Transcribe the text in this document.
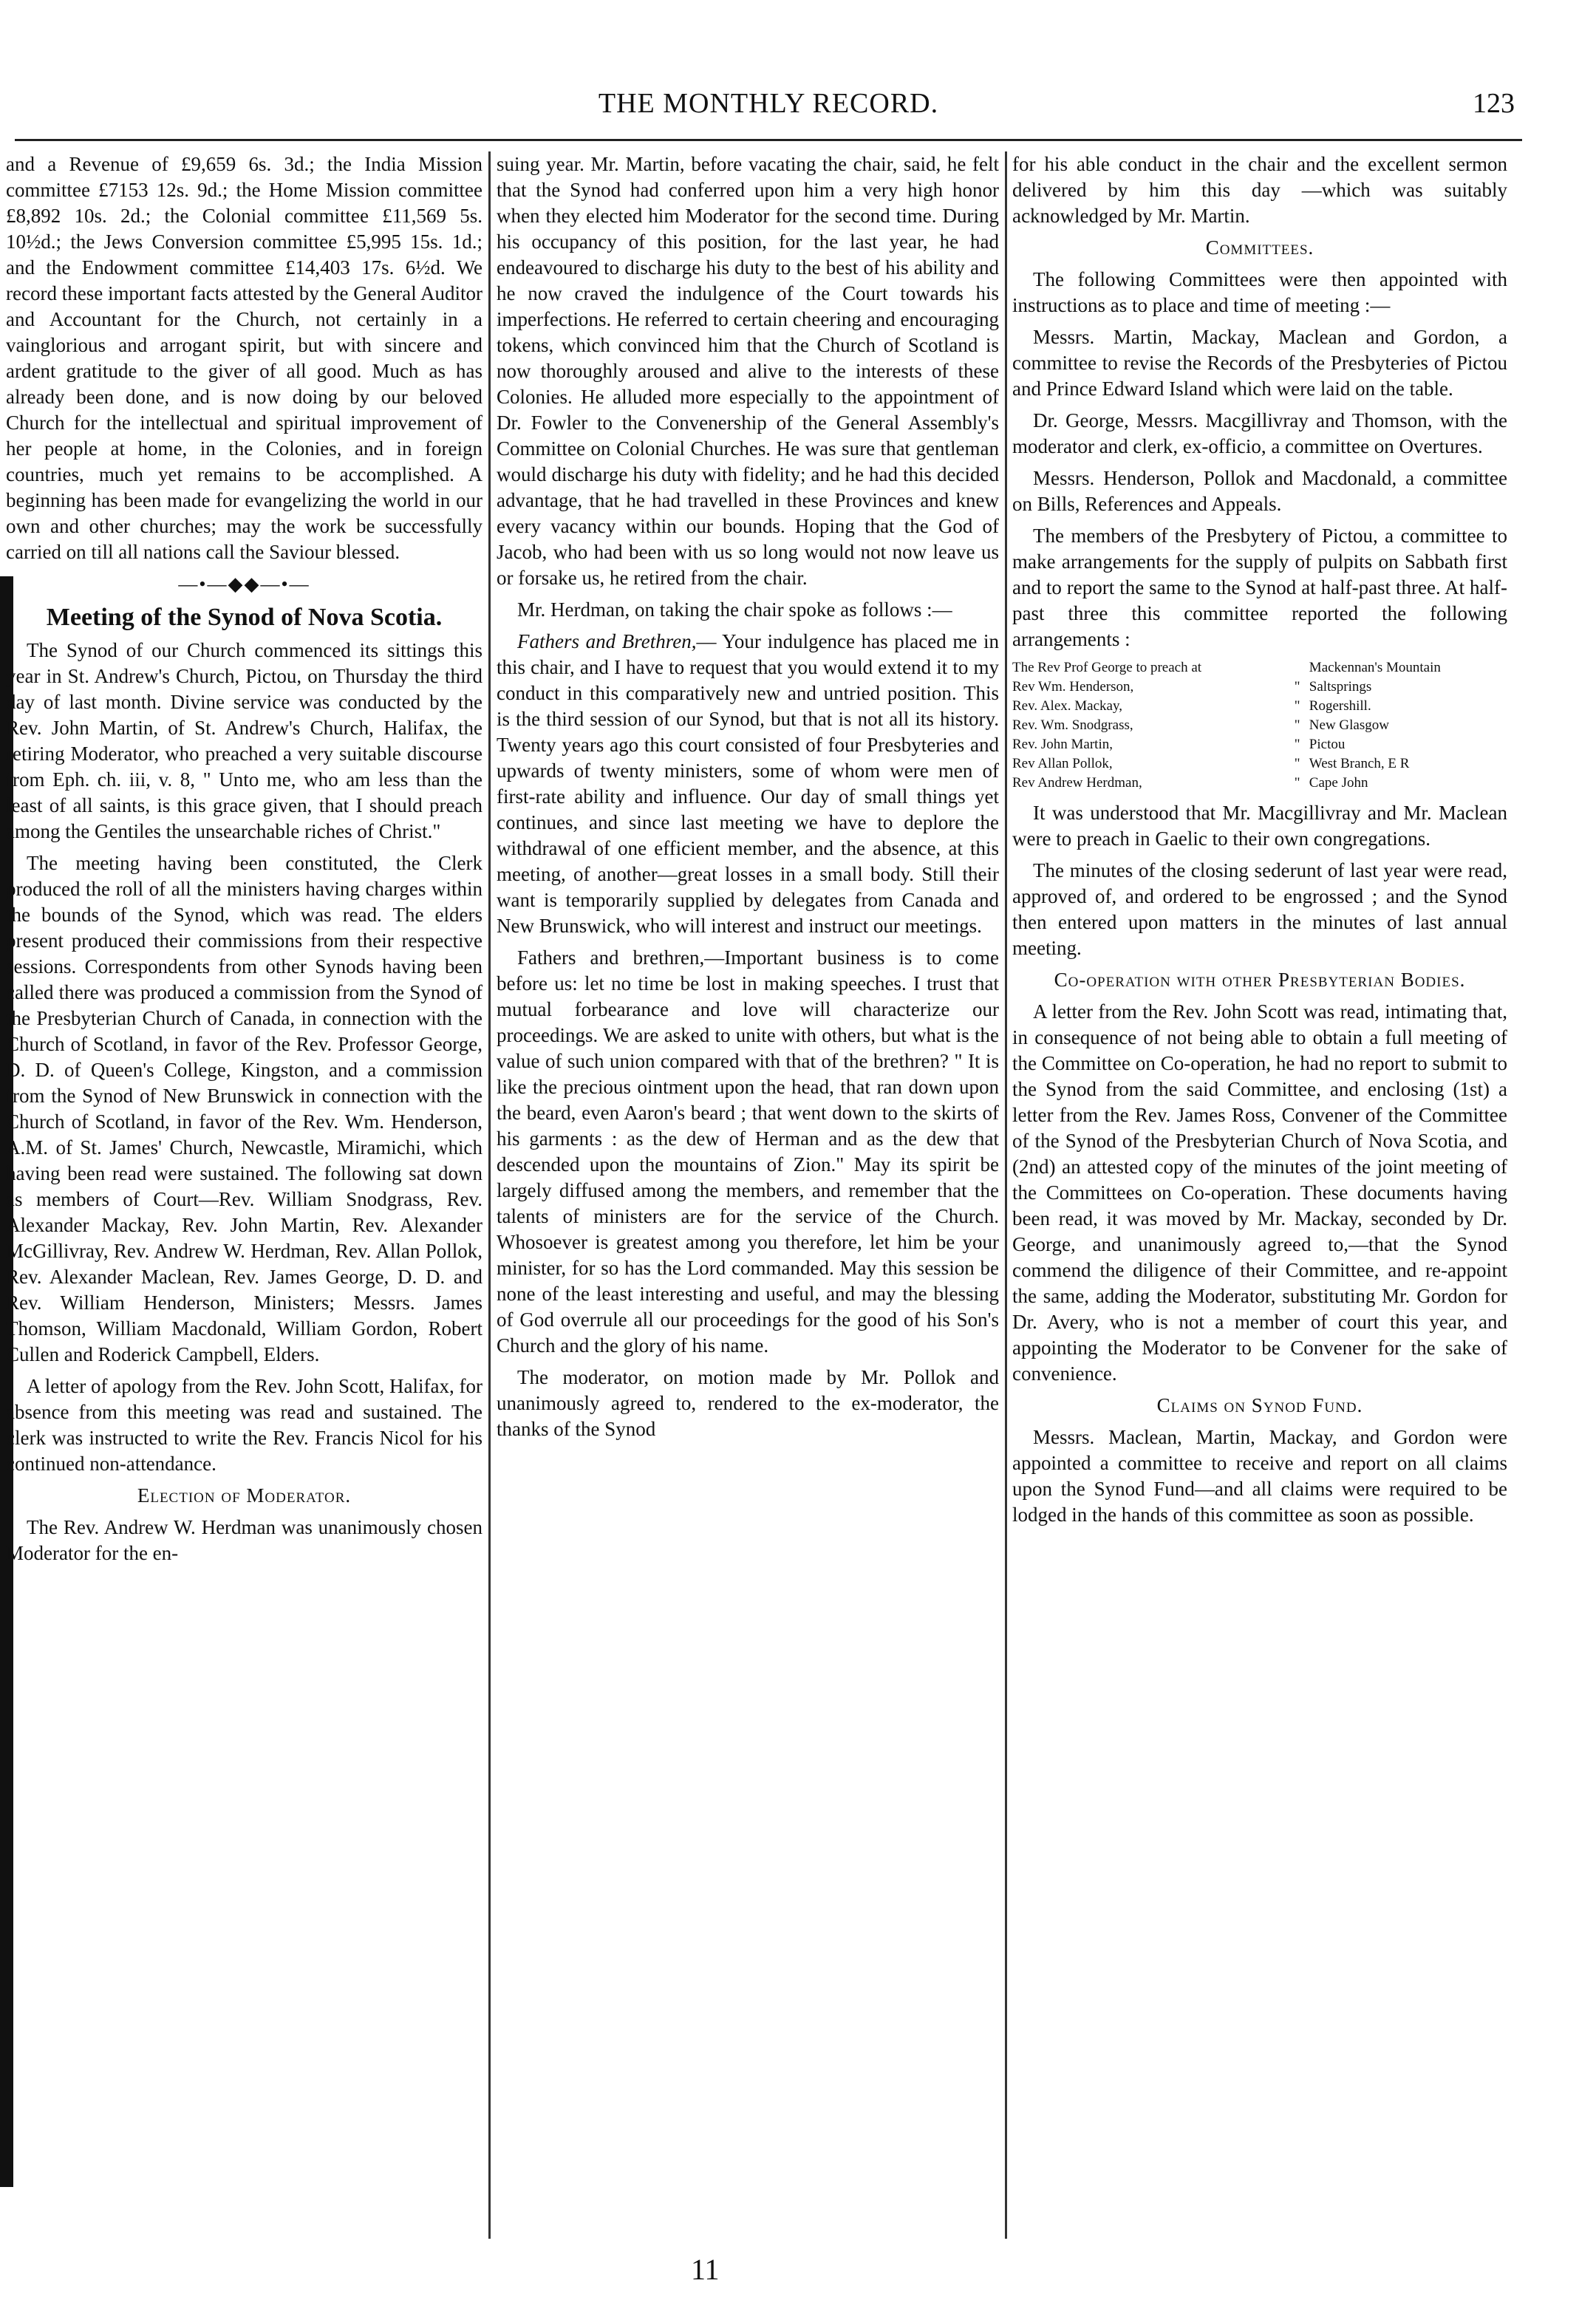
THE MONTHLY RECORD.	123

and a Revenue of £9,659 6s. 3d.; the India Mission committee £7153 12s. 9d.; the Home Mission committee £8,892 10s. 2d.; the Colonial committee £11,569 5s. 10½d.; the Jews Conversion committee £5,995 15s. 1d.; and the Endowment committee £14,403 17s. 6½d. We record these important facts attested by the General Auditor and Accountant for the Church, not certainly in a vainglorious and arrogant spirit, but with sincere and ardent gratitude to the giver of all good. Much as has already been done, and is now doing by our beloved Church for the intellectual and spiritual improvement of her people at home, in the Colonies, and in foreign countries, much yet remains to be accomplished. A beginning has been made for evangelizing the world in our own and other churches; may the work be successfully carried on till all nations call the Saviour blessed.

—•—◆◆—•—
Meeting of the Synod of Nova Scotia.

The Synod of our Church commenced its sittings this year in St. Andrew's Church, Pictou, on Thursday the third day of last month. Divine service was conducted by the Rev. John Martin, of St. Andrew's Church, Halifax, the retiring Moderator, who preached a very suitable discourse from Eph. ch. iii, v. 8, " Unto me, who am less than the least of all saints, is this grace given, that I should preach among the Gentiles the unsearchable riches of Christ."

The meeting having been constituted, the Clerk produced the roll of all the ministers having charges within the bounds of the Synod, which was read. The elders present produced their commissions from their respective sessions. Correspondents from other Synods having been called there was produced a commission from the Synod of the Presbyterian Church of Canada, in connection with the Church of Scotland, in favor of the Rev. Professor George, D. D. of Queen's College, Kingston, and a commission from the Synod of New Brunswick in connection with the Church of Scotland, in favor of the Rev. Wm. Henderson, A.M. of St. James' Church, Newcastle, Miramichi, which having been read were sustained. The following sat down as members of Court—Rev. William Snodgrass, Rev. Alexander Mackay, Rev. John Martin, Rev. Alexander McGillivray, Rev. Andrew W. Herdman, Rev. Allan Pollok, Rev. Alexander Maclean, Rev. James George, D. D. and Rev. William Henderson, Ministers; Messrs. James Thomson, William Macdonald, William Gordon, Robert Cullen and Roderick Campbell, Elders.

A letter of apology from the Rev. John Scott, Halifax, for absence from this meeting was read and sustained. The clerk was instructed to write the Rev. Francis Nicol for his continued non-attendance.

Election of Moderator.

The Rev. Andrew W. Herdman was unanimously chosen Moderator for the en-

suing year. Mr. Martin, before vacating the chair, said, he felt that the Synod had conferred upon him a very high honor when they elected him Moderator for the second time. During his occupancy of this position, for the last year, he had endeavoured to discharge his duty to the best of his ability and he now craved the indulgence of the Court towards his imperfections. He referred to certain cheering and encouraging tokens, which convinced him that the Church of Scotland is now thoroughly aroused and alive to the interests of these Colonies. He alluded more especially to the appointment of Dr. Fowler to the Convenership of the General Assembly's Committee on Colonial Churches. He was sure that gentleman would discharge his duty with fidelity; and he had this decided advantage, that he had travelled in these Provinces and knew every vacancy within our bounds. Hoping that the God of Jacob, who had been with us so long would not now leave us or forsake us, he retired from the chair.

Mr. Herdman, on taking the chair spoke as follows :—

Fathers and Brethren,— Your indulgence has placed me in this chair, and I have to request that you would extend it to my conduct in this comparatively new and untried position. This is the third session of our Synod, but that is not all its history. Twenty years ago this court consisted of four Presbyteries and upwards of twenty ministers, some of whom were men of first-rate ability and influence. Our day of small things yet continues, and since last meeting we have to deplore the withdrawal of one efficient member, and the absence, at this meeting, of another—great losses in a small body. Still their want is temporarily supplied by delegates from Canada and New Brunswick, who will interest and instruct our meetings.

Fathers and brethren,—Important business is to come before us: let no time be lost in making speeches. I trust that mutual forbearance and love will characterize our proceedings. We are asked to unite with others, but what is the value of such union compared with that of the brethren? " It is like the precious ointment upon the head, that ran down upon the beard, even Aaron's beard ; that went down to the skirts of his garments : as the dew of Herman and as the dew that descended upon the mountains of Zion." May its spirit be largely diffused among the members, and remember that the talents of ministers are for the service of the Church. Whosoever is greatest among you therefore, let him be your minister, for so has the Lord commanded. May this session be none of the least interesting and useful, and may the blessing of God overrule all our proceedings for the good of his Son's Church and the glory of his name.

The moderator, on motion made by Mr. Pollok and unanimously agreed to, rendered to the ex-moderator, the thanks of the Synod

for his able conduct in the chair and the excellent sermon delivered by him this day —which was suitably acknowledged by Mr. Martin.

Committees.

The following Committees were then appointed with instructions as to place and time of meeting :—

Messrs. Martin, Mackay, Maclean and Gordon, a committee to revise the Records of the Presbyteries of Pictou and Prince Edward Island which were laid on the table.

Dr. George, Messrs. Macgillivray and Thomson, with the moderator and clerk, ex-officio, a committee on Overtures.

Messrs. Henderson, Pollok and Macdonald, a committee on Bills, References and Appeals.

The members of the Presbytery of Pictou, a committee to make arrangements for the supply of pulpits on Sabbath first and to report the same to the Synod at half-past three. At half-past three this committee reported the following arrangements :

The Rev Prof George to preach at		Mackennan's Mountain
Rev Wm. Henderson,	"	Saltsprings
Rev. Alex. Mackay,	"	Rogershill.
Rev. Wm. Snodgrass,	"	New Glasgow
Rev. John Martin,	"	Pictou
Rev Allan Pollok,	"	West Branch, E R
Rev Andrew Herdman,	"	Cape John

It was understood that Mr. Macgillivray and Mr. Maclean were to preach in Gaelic to their own congregations.

The minutes of the closing sederunt of last year were read, approved of, and ordered to be engrossed ; and the Synod then entered upon matters in the minutes of last annual meeting.

Co-operation with other Presbyterian Bodies.

A letter from the Rev. John Scott was read, intimating that, in consequence of not being able to obtain a full meeting of the Committee on Co-operation, he had no report to submit to the Synod from the said Committee, and enclosing (1st) a letter from the Rev. James Ross, Convener of the Committee of the Synod of the Presbyterian Church of Nova Scotia, and (2nd) an attested copy of the minutes of the joint meeting of the Committees on Co-operation. These documents having been read, it was moved by Mr. Mackay, seconded by Dr. George, and unanimously agreed to,—that the Synod commend the diligence of their Committee, and re-appoint the same, adding the Moderator, substituting Mr. Gordon for Dr. Avery, who is not a member of court this year, and appointing the Moderator to be Convener for the sake of convenience.

Claims on Synod Fund.

Messrs. Maclean, Martin, Mackay, and Gordon were appointed a committee to receive and report on all claims upon the Synod Fund—and all claims were required to be lodged in the hands of this committee as soon as possible.

11
